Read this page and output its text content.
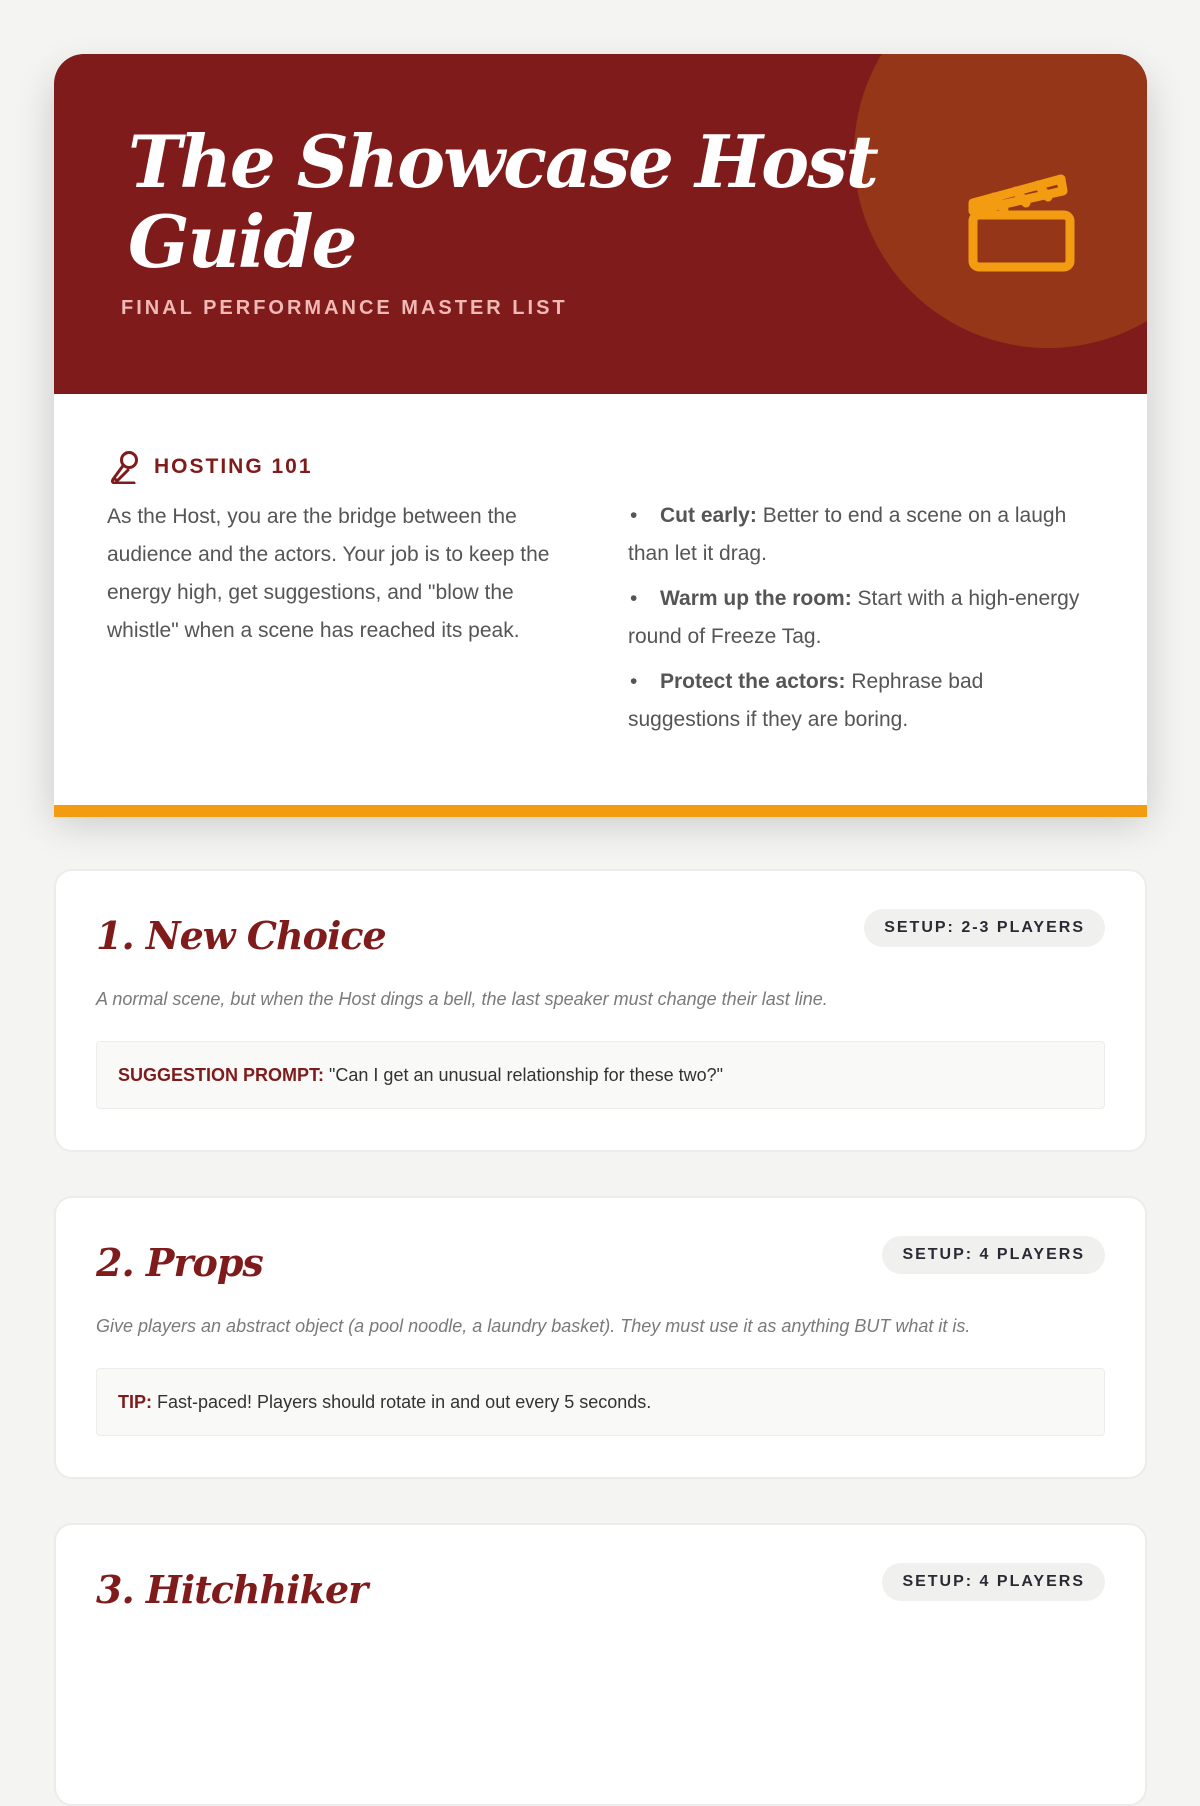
The Showcase Host Guide
FINAL PERFORMANCE MASTER LIST
HOSTING 101

As the Host, you are the bridge between the audience and the actors. Your job is to keep the energy high, get suggestions, and "blow the whistle" when a scene has reached its peak.

• Cut early: Better to end a scene on a laugh than let it drag.
• Warm up the room: Start with a high-energy round of Freeze Tag.
• Protect the actors: Rephrase bad suggestions if they are boring.
1. New Choice	SETUP: 2-3 PLAYERS

A normal scene, but when the Host dings a bell, the last speaker must change their last line.

SUGGESTION PROMPT: "Can I get an unusual relationship for these two?"
2. Props	SETUP: 4 PLAYERS

Give players an abstract object (a pool noodle, a laundry basket). They must use it as anything BUT what it is.

TIP: Fast-paced! Players should rotate in and out every 5 seconds.
3. Hitchhiker	SETUP: 4 PLAYERS
